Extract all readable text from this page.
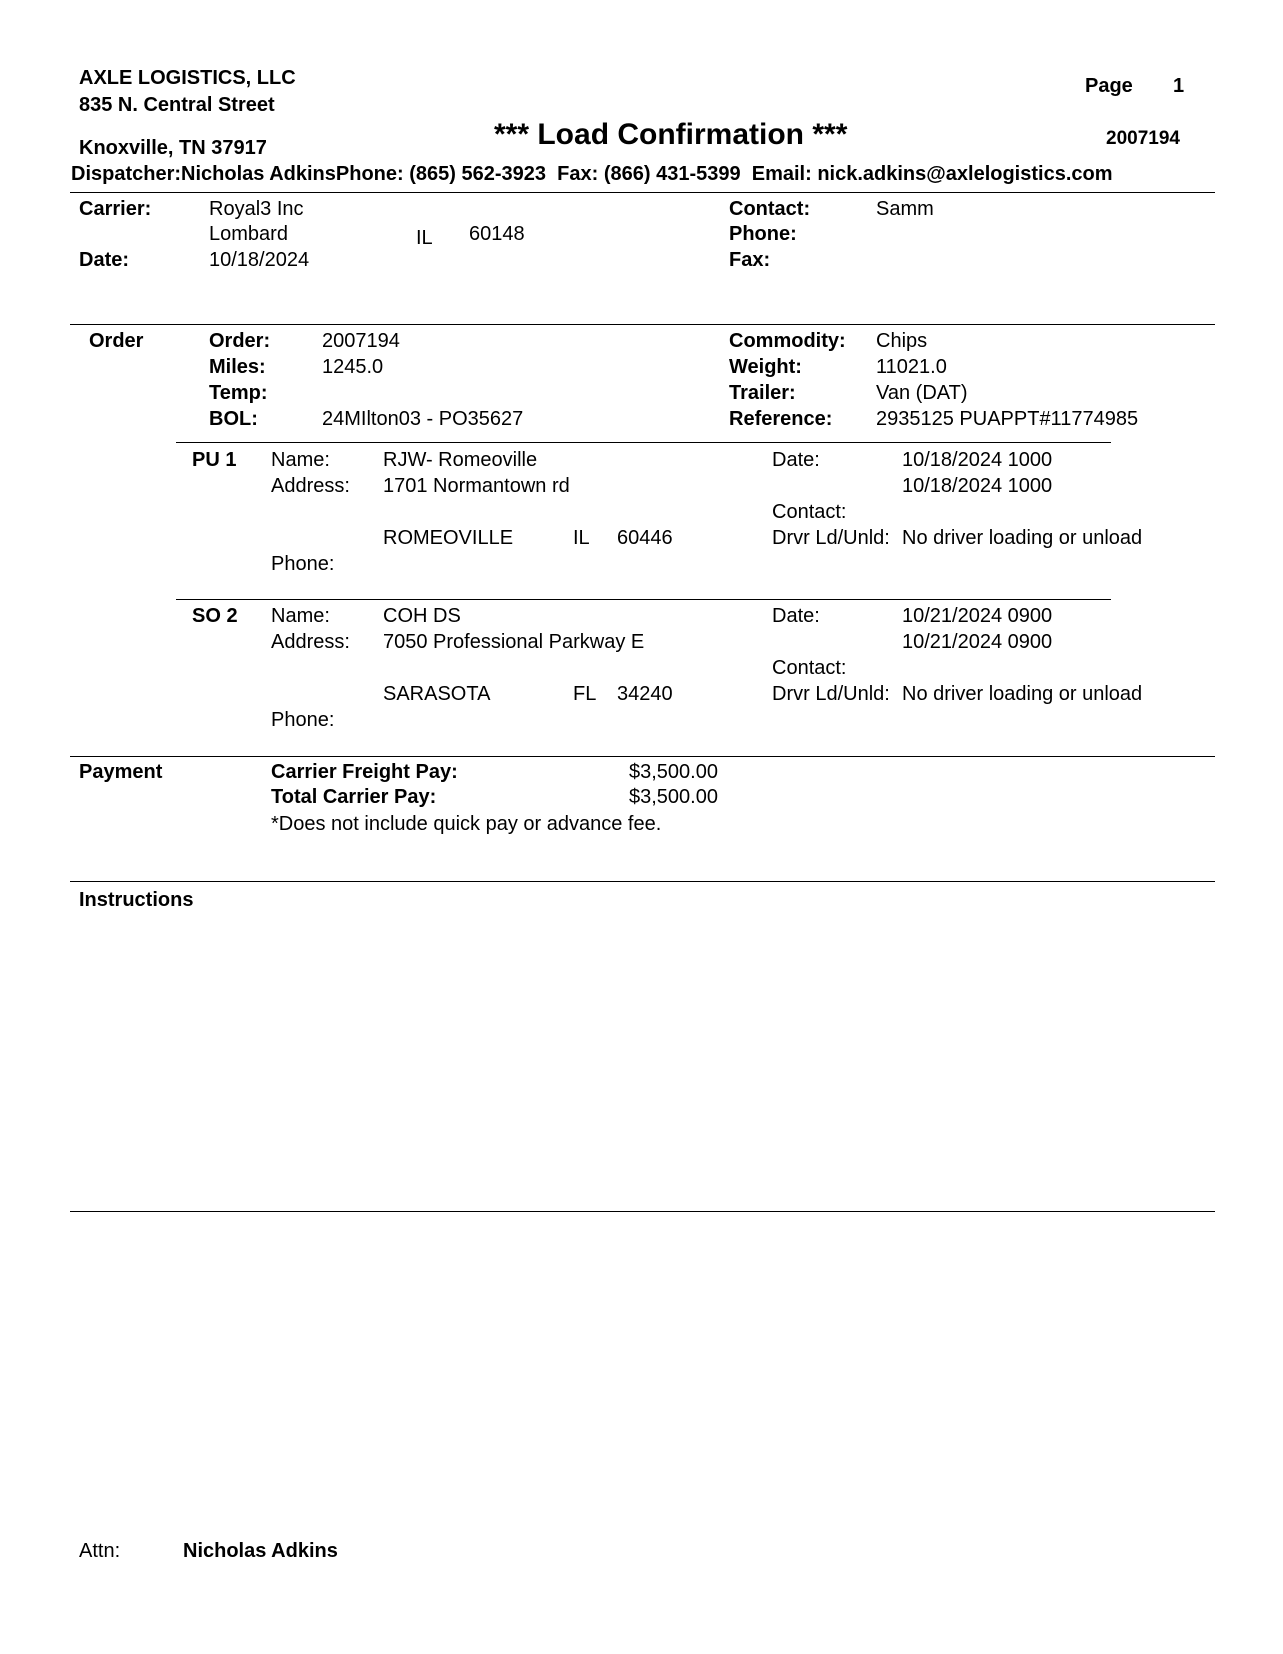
AXLE LOGISTICS, LLC
835 N. Central Street
Knoxville, TN 37917
Page 1
*** Load Confirmation ***	2007194
Dispatcher:Nicholas AdkinsPhone: (865) 562-3923 Fax: (866) 431-5399 Email: nick.adkins@axlelogistics.com
Carrier:	Royal3 Inc
Lombard	IL 60148
Date:	10/18/2024
Contact:	Samm
Phone:
Fax:
Order	Order:	2007194
Miles:	1245.0
Temp:
BOL:	24MIlton03 - PO35627
Commodity: Chips
Weight:	11021.0
Trailer:	Van (DAT)
Reference: 2935125 PUAPPT#11774985
PU 1 Name:	RJW- Romeoville
Address: 1701 Normantown rd
ROMEOVILLE	IL 60446
Phone:
Date:	10/18/2024 1000
10/18/2024 1000
Contact:
Drvr Ld/Unld: No driver loading or unload
SO 2 Name:	COH DS
Address: 7050 Professional Parkway E
SARASOTA	FL 34240
Phone:
Date:	10/21/2024 0900
10/21/2024 0900
Contact:
Drvr Ld/Unld: No driver loading or unload
Payment	Carrier Freight Pay:	$3,500.00
Total Carrier Pay:	$3,500.00
*Does not include quick pay or advance fee.
Instructions
Attn:	Nicholas Adkins
